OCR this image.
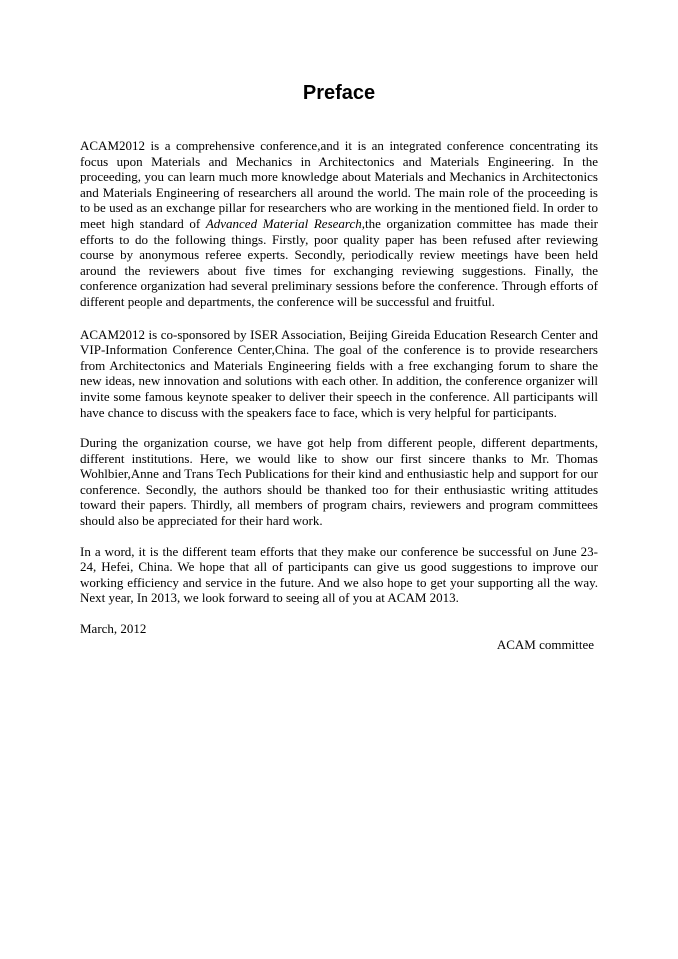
Preface

ACAM2012 is a comprehensive conference,and it is an integrated conference concentrating its focus upon Materials and Mechanics in Architectonics and Materials Engineering. In the proceeding, you can learn much more knowledge about Materials and Mechanics in Architectonics and Materials Engineering of researchers all around the world. The main role of the proceeding is to be used as an exchange pillar for researchers who are working in the mentioned field. In order to meet high standard of Advanced Material Research,the organization committee has made their efforts to do the following things. Firstly, poor quality paper has been refused after reviewing course by anonymous referee experts. Secondly, periodically review meetings have been held around the reviewers about five times for exchanging reviewing suggestions. Finally, the conference organization had several preliminary sessions before the conference. Through efforts of different people and departments, the conference will be successful and fruitful.

ACAM2012 is co-sponsored by ISER Association, Beijing Gireida Education Research Center and VIP-Information Conference Center,China. The goal of the conference is to provide researchers from Architectonics and Materials Engineering fields with a free exchanging forum to share the new ideas, new innovation and solutions with each other. In addition, the conference organizer will invite some famous keynote speaker to deliver their speech in the conference. All participants will have chance to discuss with the speakers face to face, which is very helpful for participants.

During the organization course, we have got help from different people, different departments, different institutions. Here, we would like to show our first sincere thanks to Mr. Thomas Wohlbier,Anne and Trans Tech Publications for their kind and enthusiastic help and support for our conference. Secondly, the authors should be thanked too for their enthusiastic writing attitudes toward their papers. Thirdly, all members of program chairs, reviewers and program committees should also be appreciated for their hard work.

In a word, it is the different team efforts that they make our conference be successful on June 23-24, Hefei, China. We hope that all of participants can give us good suggestions to improve our working efficiency and service in the future. And we also hope to get your supporting all the way. Next year, In 2013, we look forward to seeing all of you at ACAM 2013.

March, 2012

ACAM committee
